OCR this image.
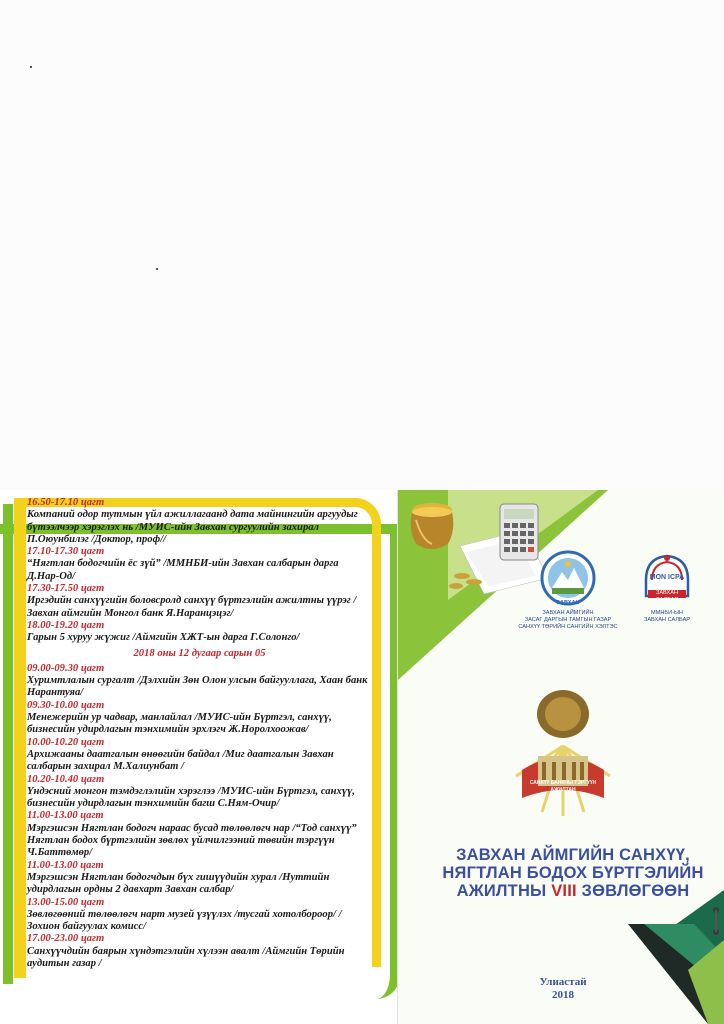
16.50-17.10 цагт
Компаний одор тутмын үйл ажиллагаанд дата майнингийн аргуудыг бүтээлчээр хэрэглэх нь /МУИС-ийн Завхан сургуулийн захирал П.Оюунбилэг /Доктор, проф//
17.10-17.30 цагт
“Нягтлан бодогчийн ёс зүй” /ММНБИ-ийн Завхан салбарын дарга Д.Нар-Од/
17.30-17.50 цагт
Иргэдийн санхүүгийн боловсролд санхүү бүртгэлийн ажилтны үүрэг /Завхан аймгийн Монгол банк Я.Наранцэцэг/
18.00-19.20 цагт
Гарын 5 хуруу жүжиг /Аймгийн ХЖТ-ын дарга Г.Солонго/
2018 оны 12 дугаар сарын 05
09.00-09.30 цагт
Хуримтлалын сургалт /Дэлхийн Зөн Олон улсын байгууллага, Хаан банк Нарантуяа/
09.30-10.00 цагт
Менежерийн ур чадвар, манлайлал /МУИС-ийн Бүртгэл, санхүү, бизнесийн удирдлагын тэнхимийн эрхлэгч Ж.Норолхоожав/
10.00-10.20 цагт
Архижааны даатгалын өнөөгийн байдал /Миг даатгалын Завхан салбарын захирал М.Халиунбат /
10.20-10.40 цагт
Үндэсний монгон тэмдэглэлийн хэрэглээ /МУИС-ийн Бүртгэл, санхүү, бизнесийн удирдлагын тэнхимийн багш С.Ням-Очир/
11.00-13.00 цагт
Мэргэшсэн Нягтлан бодогч нараас бусад төлөөлөгч нар /“Тод санхүү” Нягтлан бодох бүртгэлийн зөвлөх үйлчилгээний төвийн тэргүүн Ч.Баттөмөр/
11.00-13.00 цагт
Мэргэшсэн Нягтлан бодогчдын бүх гишүүдийн хурал /Нуттийн удирдлагын ордны 2 давхарт Завхан салбар/
13.00-15.00 цагт
Зөвлөгөөний төлөөлөгч нарт музей үзүүлэх /тусгай хотолбороор/ /Зохион байгуулах комисс/
17.00-23.00 цагт
Санхүүчдийн баярын хүндэтгэлийн хүлээн авалт /Аймгийн Төрийн аудитын газар /
ЗАВХАН
ЗАВХАН АЙМГИЙН
ЗАСАГ ДАРГЫН ТАМГЫН ГАЗАР
САНХҮҮ ТӨРИЙН САНГИЙН ХЭЛТЭС
MON ICPA
ЗАВХАН САЛБАР
ММНБИ-ЫН
ЗАВХАН САЛБАР
САНХҮҮ БАНКНЫ ТЭРГҮҮН АЖИЛТАН
ЗАВХАН АЙМГИЙН САНХҮҮ,
НЯГТЛАН БОДОХ БҮРТГЭЛИЙН
АЖИЛТНЫ VIII ЗӨВЛӨГӨӨН
Улиастай
2018
